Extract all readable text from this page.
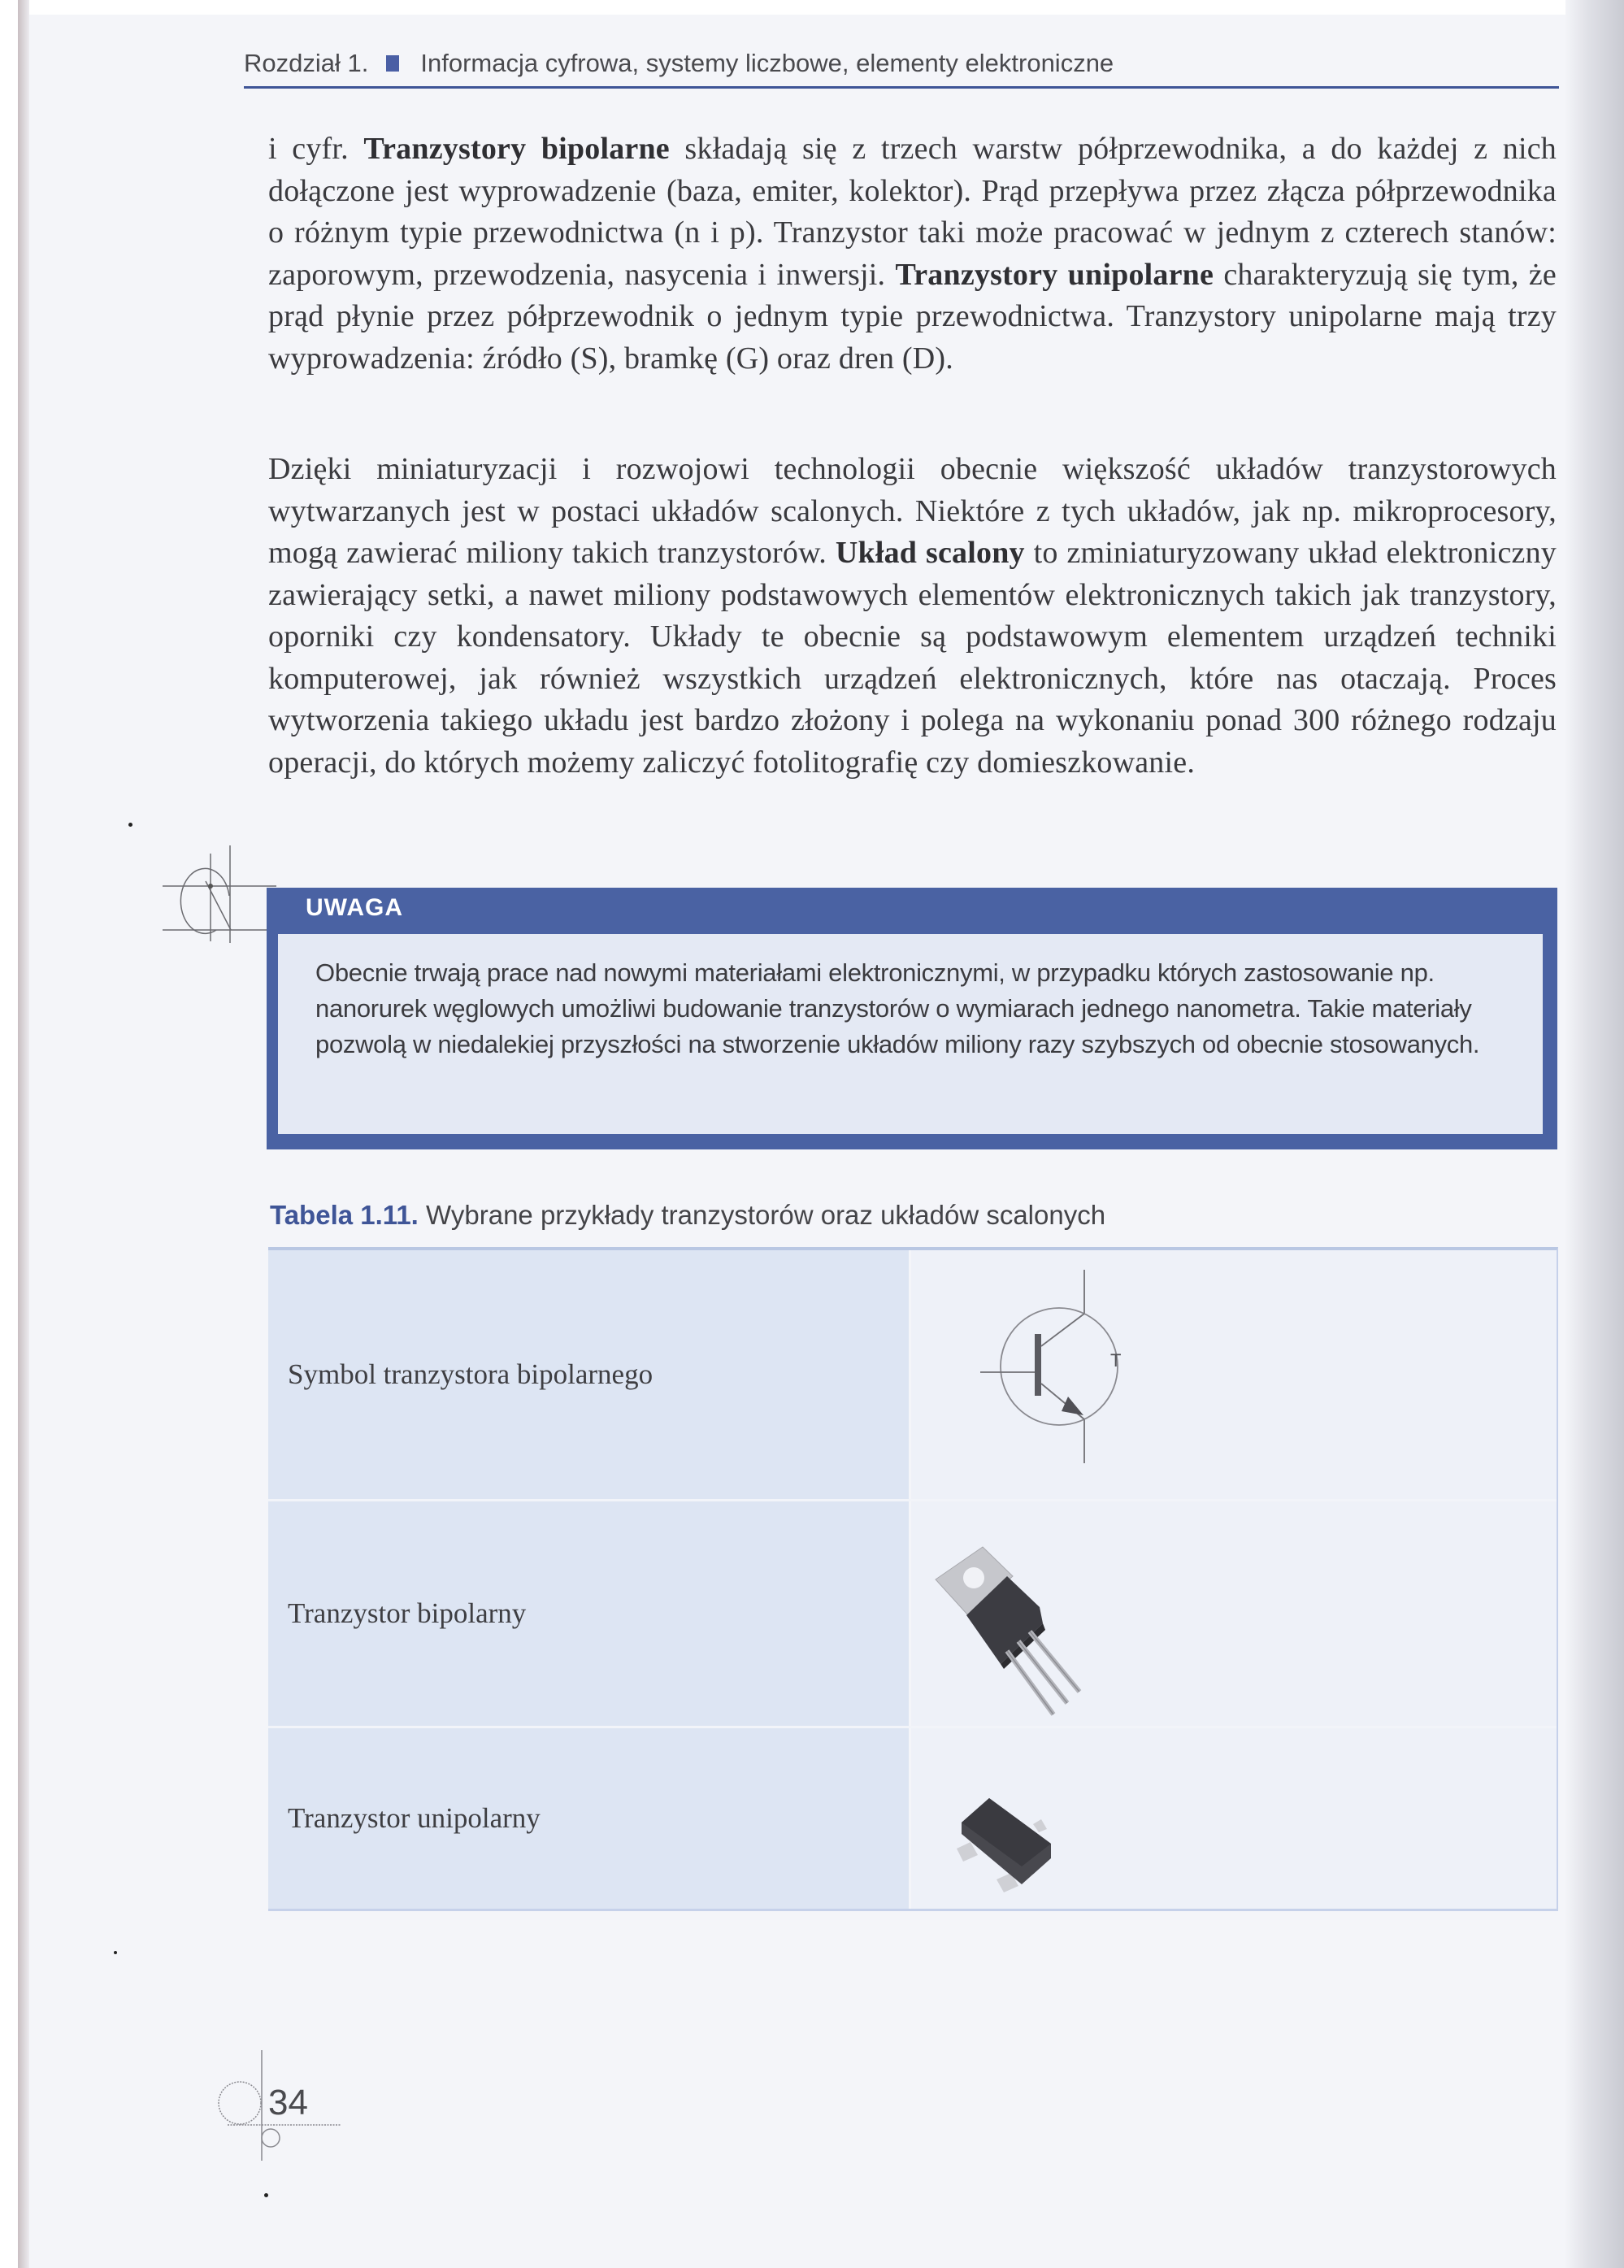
Rozdział 1. Informacja cyfrowa, systemy liczbowe, elementy elektroniczne
i cyfr. Tranzystory bipolarne składają się z trzech warstw półprzewodnika, a do każdej z nich dołączone jest wyprowadzenie (baza, emiter, kolektor). Prąd przepływa przez złącza półprzewodnika o różnym typie przewodnictwa (n i p). Tranzystor taki może pracować w jednym z czterech stanów: zaporowym, przewodzenia, nasycenia i inwersji. Tranzystory unipolarne charakteryzują się tym, że prąd płynie przez półprzewodnik o jednym typie przewodnictwa. Tranzystory unipolarne mają trzy wyprowadzenia: źródło (S), bramkę (G) oraz dren (D).
Dzięki miniaturyzacji i rozwojowi technologii obecnie większość układów tranzystorowych wytwarzanych jest w postaci układów scalonych. Niektóre z tych układów, jak np. mikroprocesory, mogą zawierać miliony takich tranzystorów. Układ scalony to zminiaturyzowany układ elektroniczny zawierający setki, a nawet miliony podstawowych elementów elektronicznych takich jak tranzystory, oporniki czy kondensatory. Układy te obecnie są podstawowym elementem urządzeń techniki komputerowej, jak również wszystkich urządzeń elektronicznych, które nas otaczają. Proces wytworzenia takiego układu jest bardzo złożony i polega na wykonaniu ponad 300 różnego rodzaju operacji, do których możemy zaliczyć fotolitografię czy domieszkowanie.
UWAGA
Obecnie trwają prace nad nowymi materiałami elektronicznymi, w przypadku których zastosowanie np. nanorurek węglowych umożliwi budowanie tranzystorów o wymiarach jednego nanometra. Takie materiały pozwolą w niedalekiej przyszłości na stworzenie układów miliony razy szybszych od obecnie stosowanych.
Tabela 1.11. Wybrane przykłady tranzystorów oraz układów scalonych
Symbol tranzystora bipolarnego	T
Tranzystor bipolarny
Tranzystor unipolarny
34
